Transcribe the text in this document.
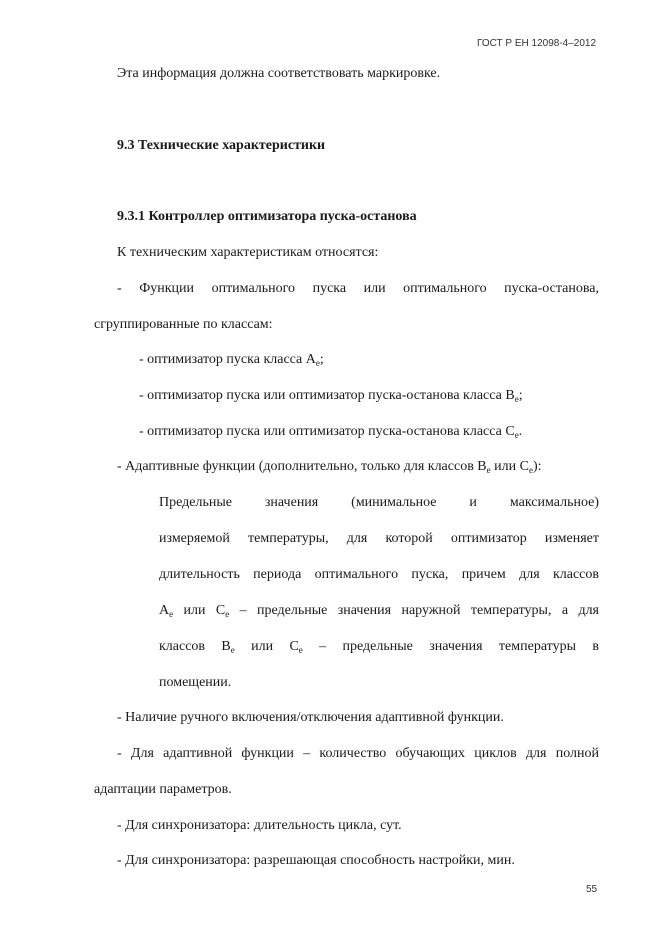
ГОСТ Р ЕН 12098-4–2012
Эта информация должна соответствовать маркировке.
9.3 Технические характеристики
9.3.1 Контроллер оптимизатора пуска-останова
К техническим характеристикам относятся:
- Функции оптимального пуска или оптимального пуска-останова,
сгруппированные по классам:
- оптимизатор пуска класса $A_e$;
- оптимизатор пуска или оптимизатор пуска-останова класса $B_e$;
- оптимизатор пуска или оптимизатор пуска-останова класса $C_e$.
- Адаптивные функции (дополнительно, только для классов $B_e$ или $C_e$):
Предельные значения (минимальное и максимальное)
измеряемой температуры, для которой оптимизатор изменяет
длительность периода оптимального пуска, причем для классов
$A_e$ или $C_e$ – предельные значения наружной температуры, а для
классов $B_e$ или $C_e$ – предельные значения температуры в
помещении.
- Наличие ручного включения/отключения адаптивной функции.
- Для адаптивной функции – количество обучающих циклов для полной
адаптации параметров.
- Для синхронизатора: длительность цикла, сут.
- Для синхронизатора: разрешающая способность настройки, мин.
55
